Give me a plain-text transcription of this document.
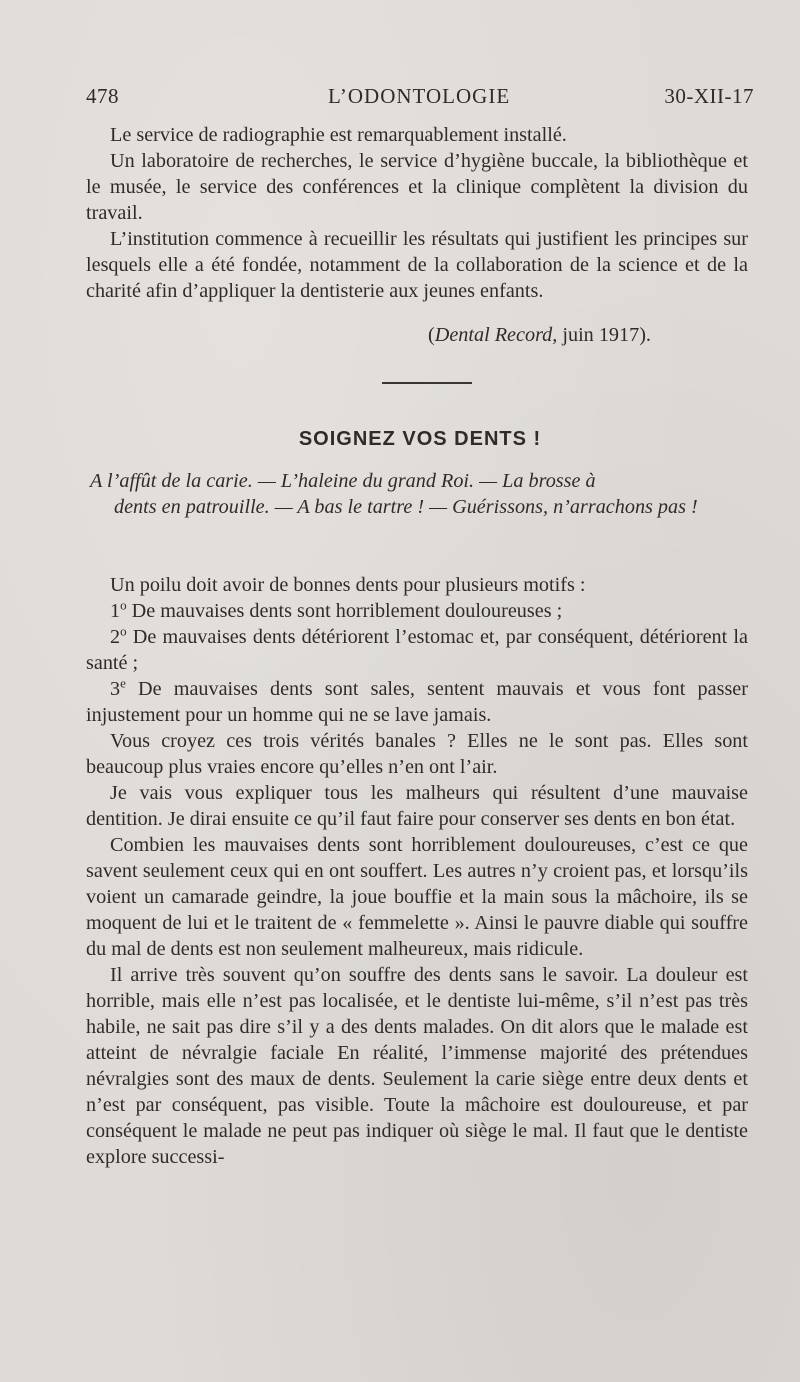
478	L’ODONTOLOGIE	30-XII-17

Le service de radiographie est remarquablement installé.

Un laboratoire de recherches, le service d’hygiène buccale, la bibliothèque et le musée, le service des conférences et la clinique complètent la division du travail.

L’institution commence à recueillir les résultats qui justifient les principes sur lesquels elle a été fondée, notamment de la collaboration de la science et de la charité afin d’appliquer la dentisterie aux jeunes enfants.

(Dental Record, juin 1917).
SOIGNEZ VOS DENTS !
A l’affût de la carie. — L’haleine du grand Roi. — La brosse à
dents en patrouille. — A bas le tartre ! — Guérissons, n’arrachons pas !

Un poilu doit avoir de bonnes dents pour plusieurs motifs :

1$^o$ De mauvaises dents sont horriblement douloureuses ;

2$^o$ De mauvaises dents détériorent l’estomac et, par conséquent, détériorent la santé ;

3e De mauvaises dents sont sales, sentent mauvais et vous font passer injustement pour un homme qui ne se lave jamais.

Vous croyez ces trois vérités banales ? Elles ne le sont pas. Elles sont beaucoup plus vraies encore qu’elles n’en ont l’air.

Je vais vous expliquer tous les malheurs qui résultent d’une mauvaise dentition. Je dirai ensuite ce qu’il faut faire pour conserver ses dents en bon état.

Combien les mauvaises dents sont horriblement douloureuses, c’est ce que savent seulement ceux qui en ont souffert. Les autres n’y croient pas, et lorsqu’ils voient un camarade geindre, la joue bouffie et la main sous la mâchoire, ils se moquent de lui et le traitent de « femmelette ». Ainsi le pauvre diable qui souffre du mal de dents est non seulement malheureux, mais ridicule.

Il arrive très souvent qu’on souffre des dents sans le savoir. La douleur est horrible, mais elle n’est pas localisée, et le dentiste lui-même, s’il n’est pas très habile, ne sait pas dire s’il y a des dents malades. On dit alors que le malade est atteint de névralgie faciale En réalité, l’immense majorité des prétendues névralgies sont des maux de dents. Seulement la carie siège entre deux dents et n’est par conséquent, pas visible. Toute la mâchoire est douloureuse, et par conséquent le malade ne peut pas indiquer où siège le mal. Il faut que le dentiste explore successi-
